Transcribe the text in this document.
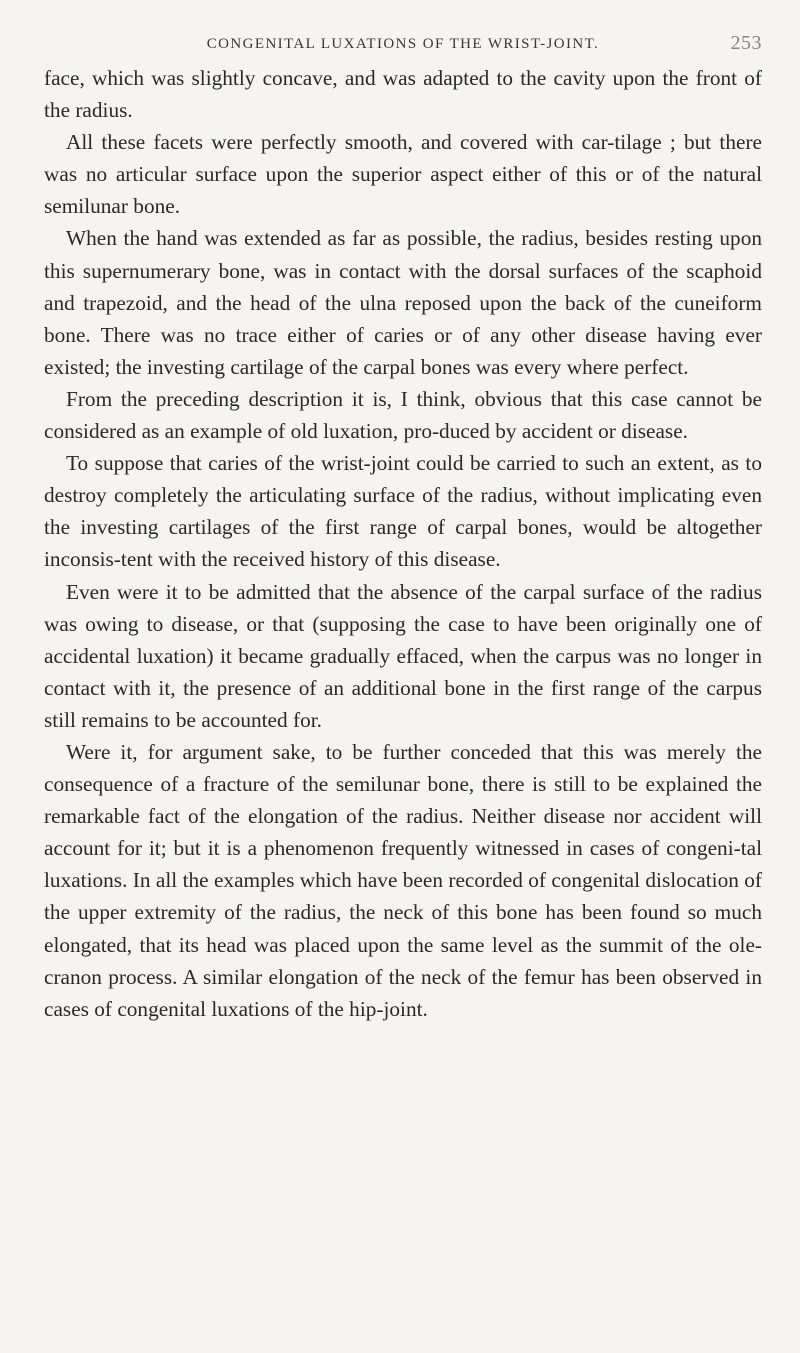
CONGENITAL LUXATIONS OF THE WRIST-JOINT.	253

face, which was slightly concave, and was adapted to the cavity upon the front of the radius.

All these facets were perfectly smooth, and covered with car-tilage ; but there was no articular surface upon the superior aspect either of this or of the natural semilunar bone.

When the hand was extended as far as possible, the radius, besides resting upon this supernumerary bone, was in contact with the dorsal surfaces of the scaphoid and trapezoid, and the head of the ulna reposed upon the back of the cuneiform bone. There was no trace either of caries or of any other disease having ever existed; the investing cartilage of the carpal bones was every where perfect.

From the preceding description it is, I think, obvious that this case cannot be considered as an example of old luxation, pro-duced by accident or disease.

To suppose that caries of the wrist-joint could be carried to such an extent, as to destroy completely the articulating surface of the radius, without implicating even the investing cartilages of the first range of carpal bones, would be altogether inconsis-tent with the received history of this disease.

Even were it to be admitted that the absence of the carpal surface of the radius was owing to disease, or that (supposing the case to have been originally one of accidental luxation) it became gradually effaced, when the carpus was no longer in contact with it, the presence of an additional bone in the first range of the carpus still remains to be accounted for.

Were it, for argument sake, to be further conceded that this was merely the consequence of a fracture of the semilunar bone, there is still to be explained the remarkable fact of the elongation of the radius. Neither disease nor accident will account for it; but it is a phenomenon frequently witnessed in cases of congeni-tal luxations. In all the examples which have been recorded of congenital dislocation of the upper extremity of the radius, the neck of this bone has been found so much elongated, that its head was placed upon the same level as the summit of the ole-cranon process. A similar elongation of the neck of the femur has been observed in cases of congenital luxations of the hip-joint.
